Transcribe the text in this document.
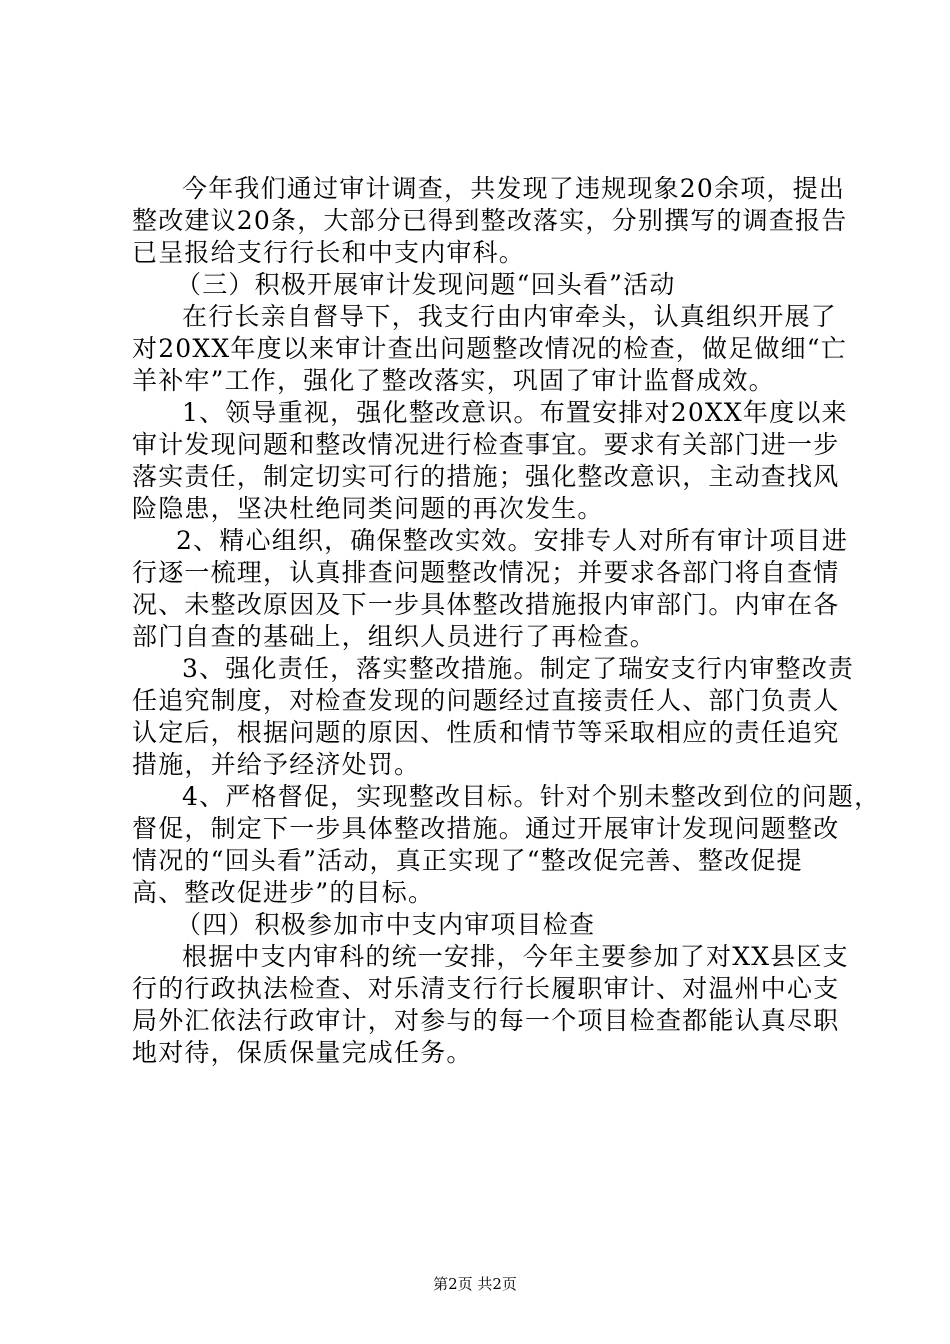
今年我们通过审计调查，共发现了违规现象20余项，提出
整改建议20条，大部分已得到整改落实，分别撰写的调查报告
已呈报给支行行长和中支内审科。
（三）积极开展审计发现问题“回头看”活动
在行长亲自督导下，我支行由内审牵头，认真组织开展了
对20XX年度以来审计查出问题整改情况的检查，做足做细“亡
羊补牢”工作，强化了整改落实，巩固了审计监督成效。
1、领导重视，强化整改意识。布置安排对20XX年度以来
审计发现问题和整改情况进行检查事宜。要求有关部门进一步
落实责任，制定切实可行的措施；强化整改意识，主动查找风
险隐患，坚决杜绝同类问题的再次发生。
2、精心组织，确保整改实效。安排专人对所有审计项目进
行逐一梳理，认真排查问题整改情况；并要求各部门将自查情
况、未整改原因及下一步具体整改措施报内审部门。内审在各
部门自查的基础上，组织人员进行了再检查。
3、强化责任，落实整改措施。制定了瑞安支行内审整改责
任追究制度，对检查发现的问题经过直接责任人、部门负责人
认定后，根据问题的原因、性质和情节等采取相应的责任追究
措施，并给予经济处罚。
4、严格督促，实现整改目标。针对个别未整改到位的问题，
督促，制定下一步具体整改措施。通过开展审计发现问题整改
情况的“回头看”活动，真正实现了“整改促完善、整改促提
高、整改促进步”的目标。
（四）积极参加市中支内审项目检查
根据中支内审科的统一安排，今年主要参加了对XX县区支
行的行政执法检查、对乐清支行行长履职审计、对温州中心支
局外汇依法行政审计，对参与的每一个项目检查都能认真尽职
地对待，保质保量完成任务。
第2页 共2页
